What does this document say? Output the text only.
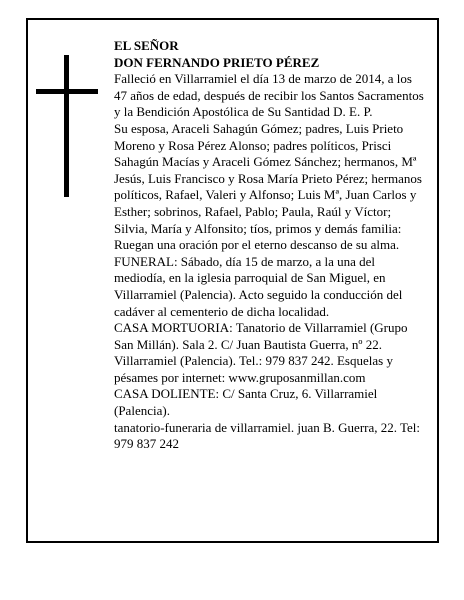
EL SEÑOR

DON FERNANDO PRIETO PÉREZ

Falleció en Villarramiel el día 13 de marzo de 2014, a los 47 años de edad, después de recibir los Santos Sacramentos y la Bendición Apostólica de Su Santidad D. E. P.

Su esposa, Araceli Sahagún Gómez; padres, Luis Prieto Moreno y Rosa Pérez Alonso; padres políticos, Prisci Sahagún Macías y Araceli Gómez Sánchez; hermanos, Mª Jesús, Luis Francisco y Rosa María Prieto Pérez; hermanos políticos, Rafael, Valeri y Alfonso; Luis Mª, Juan Carlos y Esther; sobrinos, Rafael, Pablo; Paula, Raúl y Víctor; Silvia, María y Alfonsito; tíos, primos y demás familia:

Ruegan una oración por el eterno descanso de su alma.

FUNERAL: Sábado, día 15 de marzo, a la una del mediodía, en la iglesia parroquial de San Miguel, en Villarramiel (Palencia). Acto seguido la conducción del cadáver al cementerio de dicha localidad.

CASA MORTUORIA: Tanatorio de Villarramiel (Grupo San Millán). Sala 2. C/ Juan Bautista Guerra, nº 22. Villarramiel (Palencia). Tel.: 979 837 242. Esquelas y pésames por internet: www.gruposanmillan.com

CASA DOLIENTE: C/ Santa Cruz, 6. Villarramiel (Palencia).

tanatorio-funeraria de villarramiel. juan B. Guerra, 22. Tel: 979 837 242
